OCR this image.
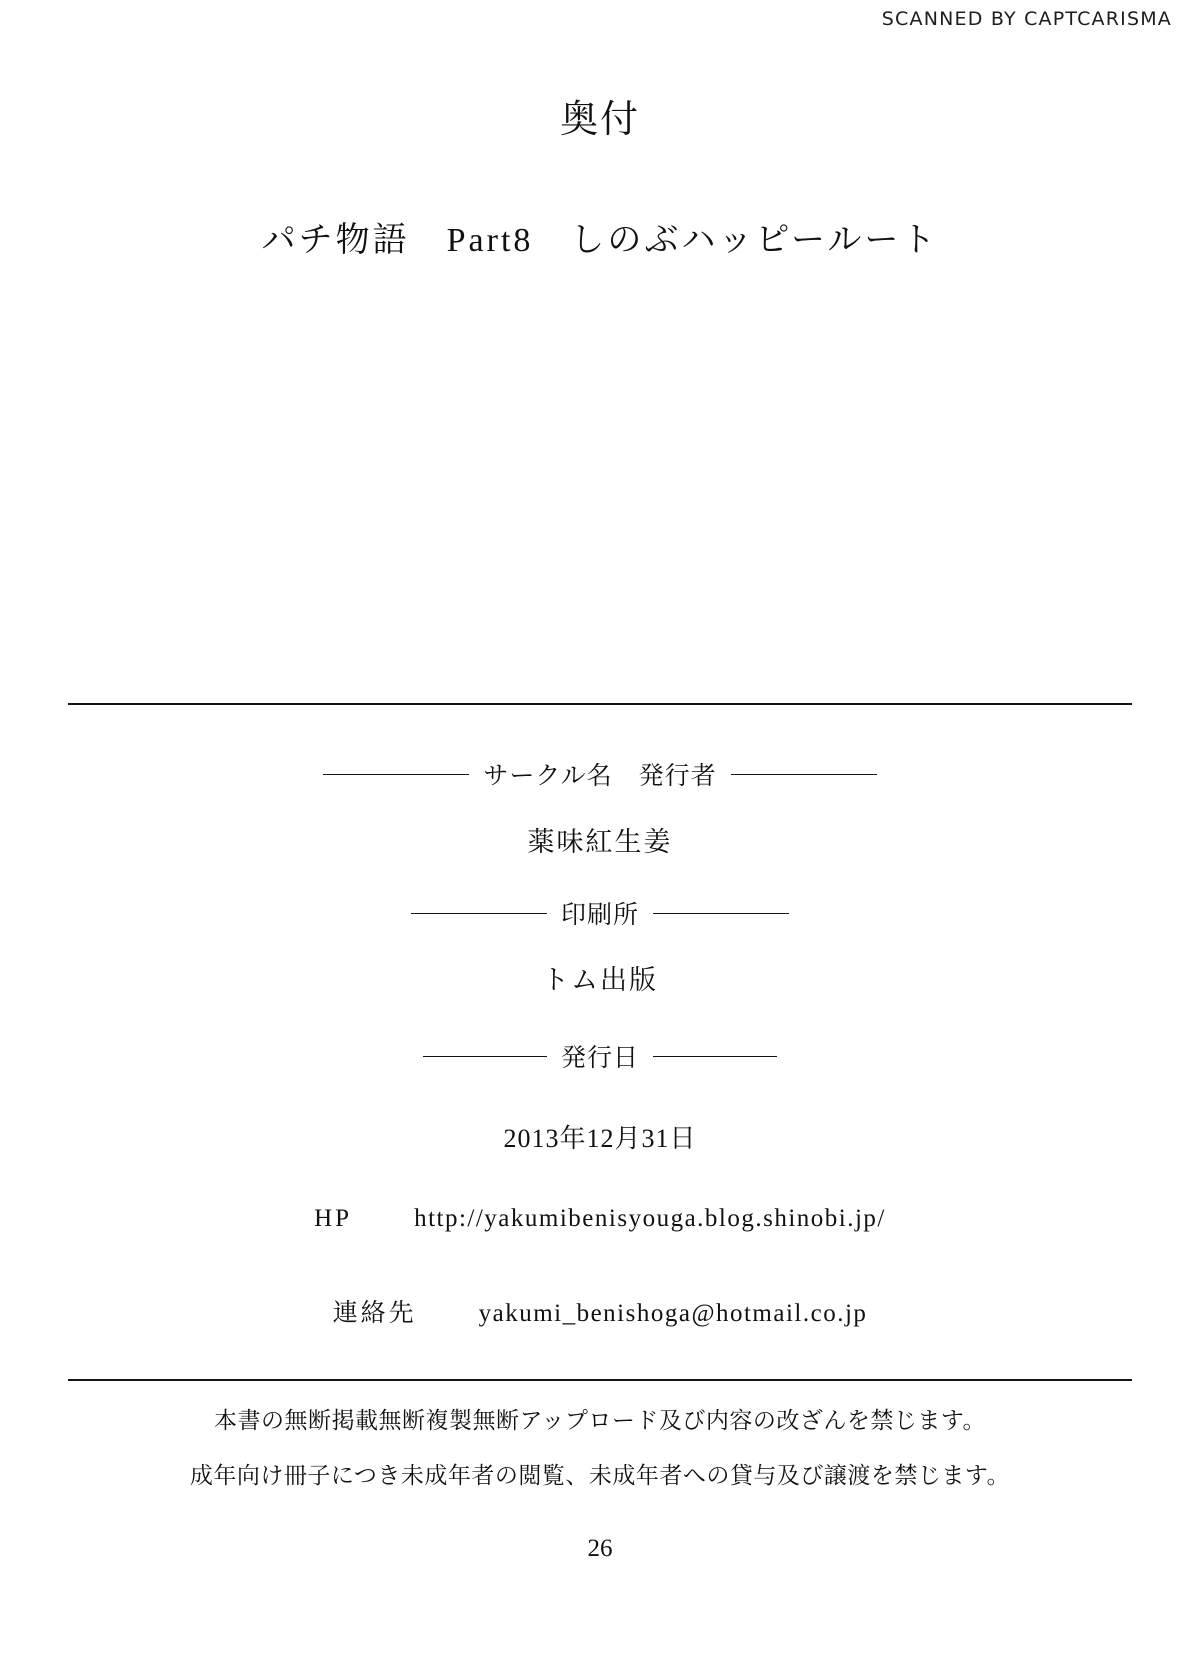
SCANNED BY CAPTCARISMA
奥付
パチ物語　Part8　しのぶハッピールート
サークル名　発行者
薬味紅生姜
印刷所
トム出版
発行日
2013年12月31日
HP http://yakumibenisyouga.blog.shinobi.jp/
連絡先 yakumi_benishoga@hotmail.co.jp
本書の無断掲載無断複製無断アップロード及び内容の改ざんを禁じます。
成年向け冊子につき未成年者の閲覧、未成年者への貸与及び譲渡を禁じます。
26
